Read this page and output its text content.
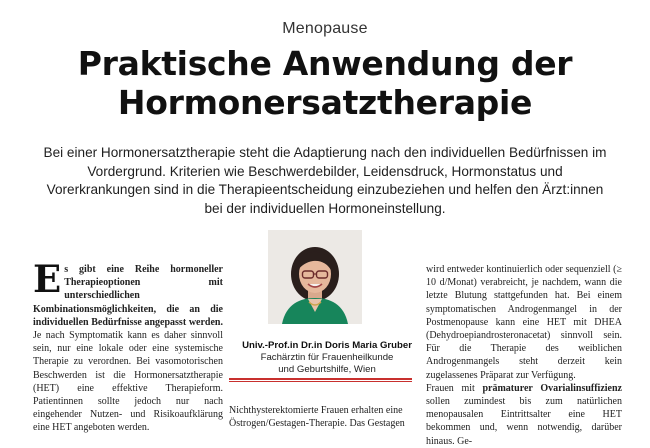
Menopause
Praktische Anwendung der
Hormonersatztherapie

Bei einer Hormonersatztherapie steht die Adaptierung nach den individuellen Bedürfnissen im Vordergrund. Kriterien wie Beschwerdebilder, Leidensdruck, Hormonstatus und Vorerkrankungen sind in die Therapieentscheidung einzubeziehen und helfen den Ärzt:innen bei der individuellen Hormoneinstellung.

Es gibt eine Reihe hormoneller Therapieoptionen mit unterschiedlichen Kombinationsmöglichkeiten, die an die individuellen Bedürfnisse angepasst werden. Je nach Symptomatik kann es daher sinnvoll sein, nur eine lokale oder eine systemische Therapie zu verordnen. Bei vasomotorischen Beschwerden ist die Hormonersatztherapie (HET) eine effektive Therapieform. Patientinnen sollte jedoch nur nach eingehender Nutzen- und Risikoaufklärung eine HET angeboten werden.
Univ.-Prof.in Dr.in Doris Maria Gruber
Fachärztin für Frauenheilkunde
und Geburtshilfe, Wien
Nichthysterektomierte Frauen erhalten eine Östrogen/Gestagen-Therapie. Das Gestagen

wird entweder kontinuierlich oder sequenziell (≥ 10 d/Monat) verabreicht, je nachdem, wann die letzte Blutung stattgefunden hat. Bei einem symptomatischen Androgenmangel in der Postmenopause kann eine HET mit DHEA (Dehydroepiandrosteronacetat) sinnvoll sein. Für die Therapie des weiblichen Androgenmangels steht derzeit kein zugelassenes Präparat zur Verfügung.

Frauen mit prämaturer Ovarialinsuffizienz sollen zumindest bis zum natürlichen menopausalen Eintrittsalter eine HET bekommen und, wenn notwendig, darüber hinaus. Ge-
